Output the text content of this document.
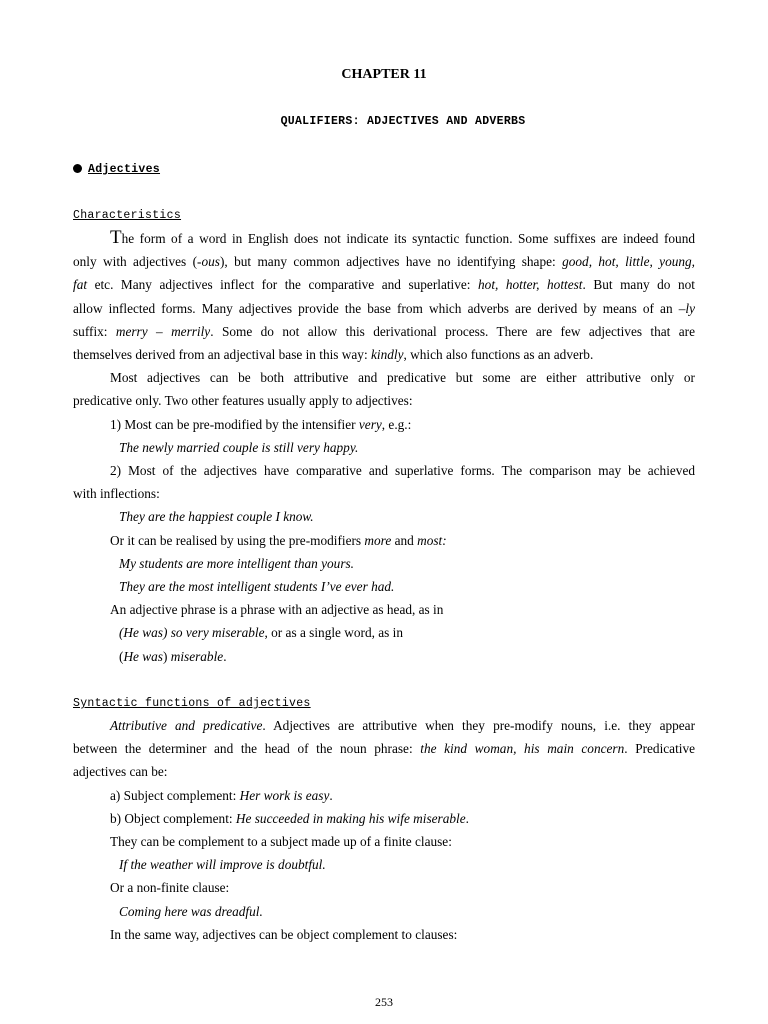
CHAPTER 11
QUALIFIERS: ADJECTIVES AND ADVERBS
Adjectives
Characteristics
The form of a word in English does not indicate its syntactic function. Some suffixes are indeed found
only with adjectives (-ous), but many common adjectives have no identifying shape: good, hot, little, young,
fat etc. Many adjectives inflect for the comparative and superlative: hot, hotter, hottest. But many do not
allow inflected forms. Many adjectives provide the base from which adverbs are derived by means of an –ly
suffix: merry – merrily. Some do not allow this derivational process. There are few adjectives that are
themselves derived from an adjectival base in this way: kindly, which also functions as an adverb.
Most adjectives can be both attributive and predicative but some are either attributive only or
predicative only. Two other features usually apply to adjectives:
1) Most can be pre-modified by the intensifier very, e.g.:
The newly married couple is still very happy.
2) Most of the adjectives have comparative and superlative forms. The comparison may be achieved
with inflections:
They are the happiest couple I know.
Or it can be realised by using the pre-modifiers more and most:
My students are more intelligent than yours.
They are the most intelligent students I’ve ever had.
An adjective phrase is a phrase with an adjective as head, as in
(He was) so very miserable, or as a single word, as in
(He was) miserable.
Syntactic functions of adjectives
Attributive and predicative. Adjectives are attributive when they pre-modify nouns, i.e. they appear
between the determiner and the head of the noun phrase: the kind woman, his main concern. Predicative
adjectives can be:
a) Subject complement: Her work is easy.
b) Object complement: He succeeded in making his wife miserable.
They can be complement to a subject made up of a finite clause:
If the weather will improve is doubtful.
Or a non-finite clause:
Coming here was dreadful.
In the same way, adjectives can be object complement to clauses:
253
